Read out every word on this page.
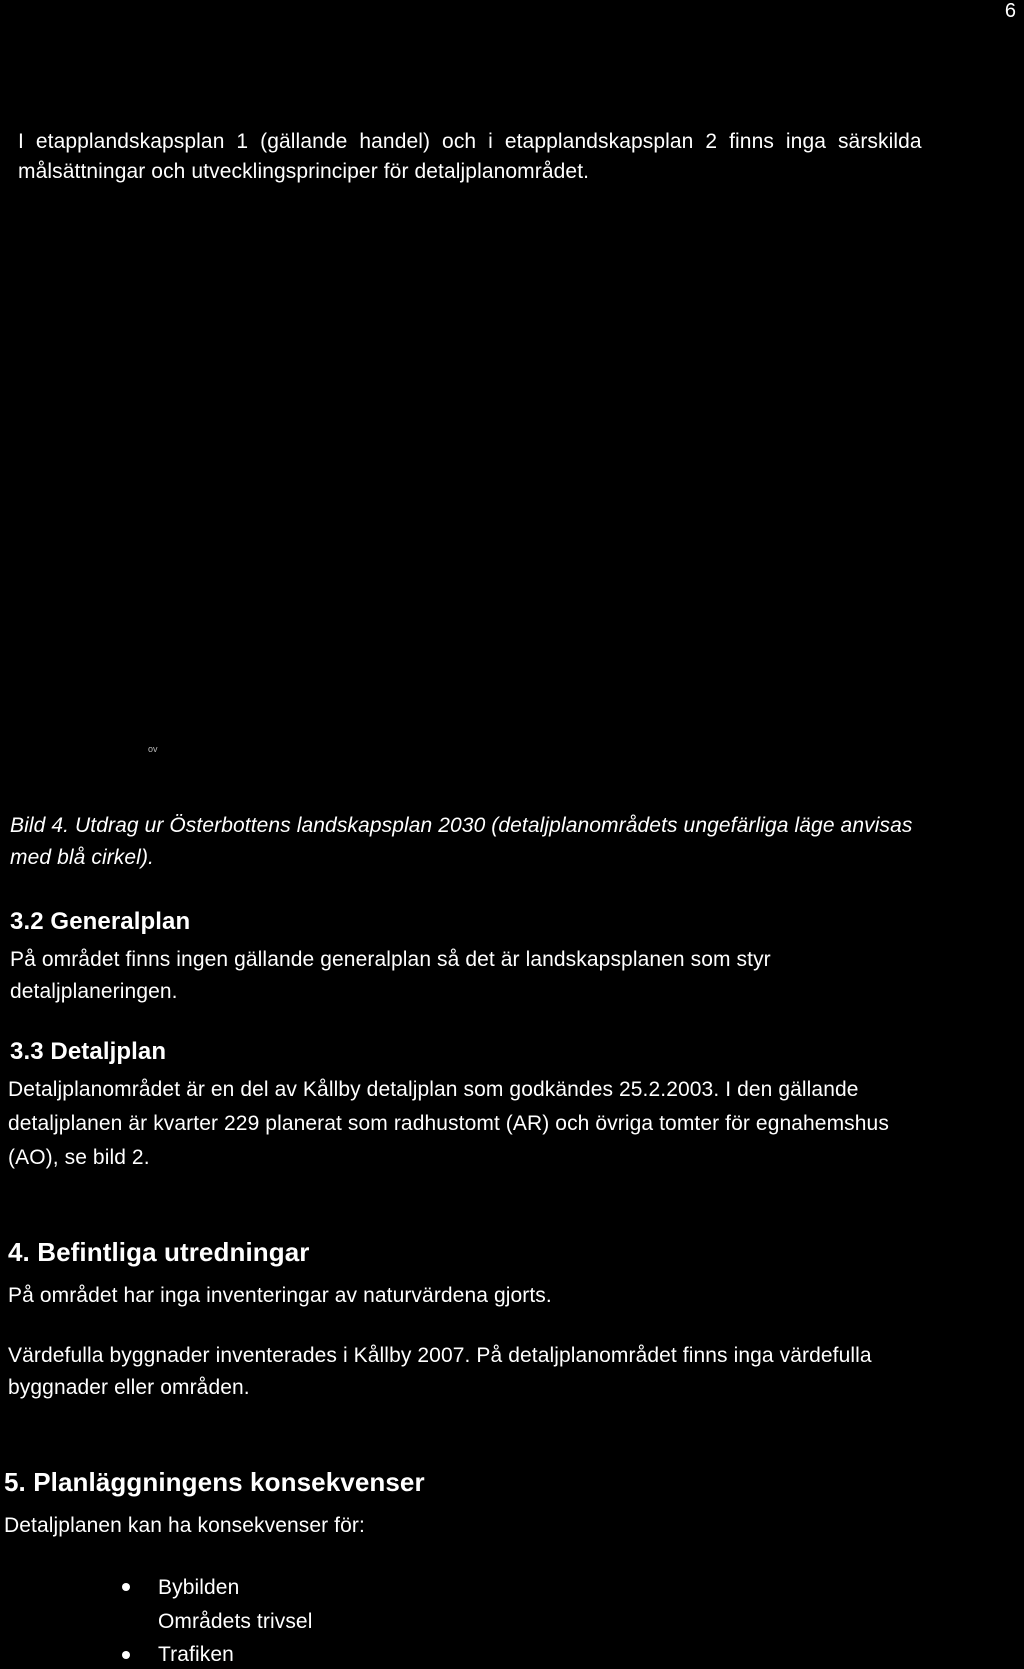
6
I etapplandskapsplan 1 (gällande handel) och i etapplandskapsplan 2 finns inga särskilda
målsättningar och utvecklingsprinciper för detaljplanområdet.
ov
Bild 4. Utdrag ur Österbottens landskapsplan 2030 (detaljplanområdets ungefärliga läge anvisas
med blå cirkel).
3.2 Generalplan
På området finns ingen gällande generalplan så det är landskapsplanen som styr
detaljplaneringen.
3.3 Detaljplan
Detaljplanområdet är en del av Kållby detaljplan som godkändes 25.2.2003. I den gällande
detaljplanen är kvarter 229 planerat som radhustomt (AR) och övriga tomter för egnahemshus
(AO), se bild 2.
4. Befintliga utredningar
På området har inga inventeringar av naturvärdena gjorts.
Värdefulla byggnader inventerades i Kållby 2007. På detaljplanområdet finns inga värdefulla
byggnader eller områden.
5. Planläggningens konsekvenser
Detaljplanen kan ha konsekvenser för:
Bybilden
Områdets trivsel
Trafiken
